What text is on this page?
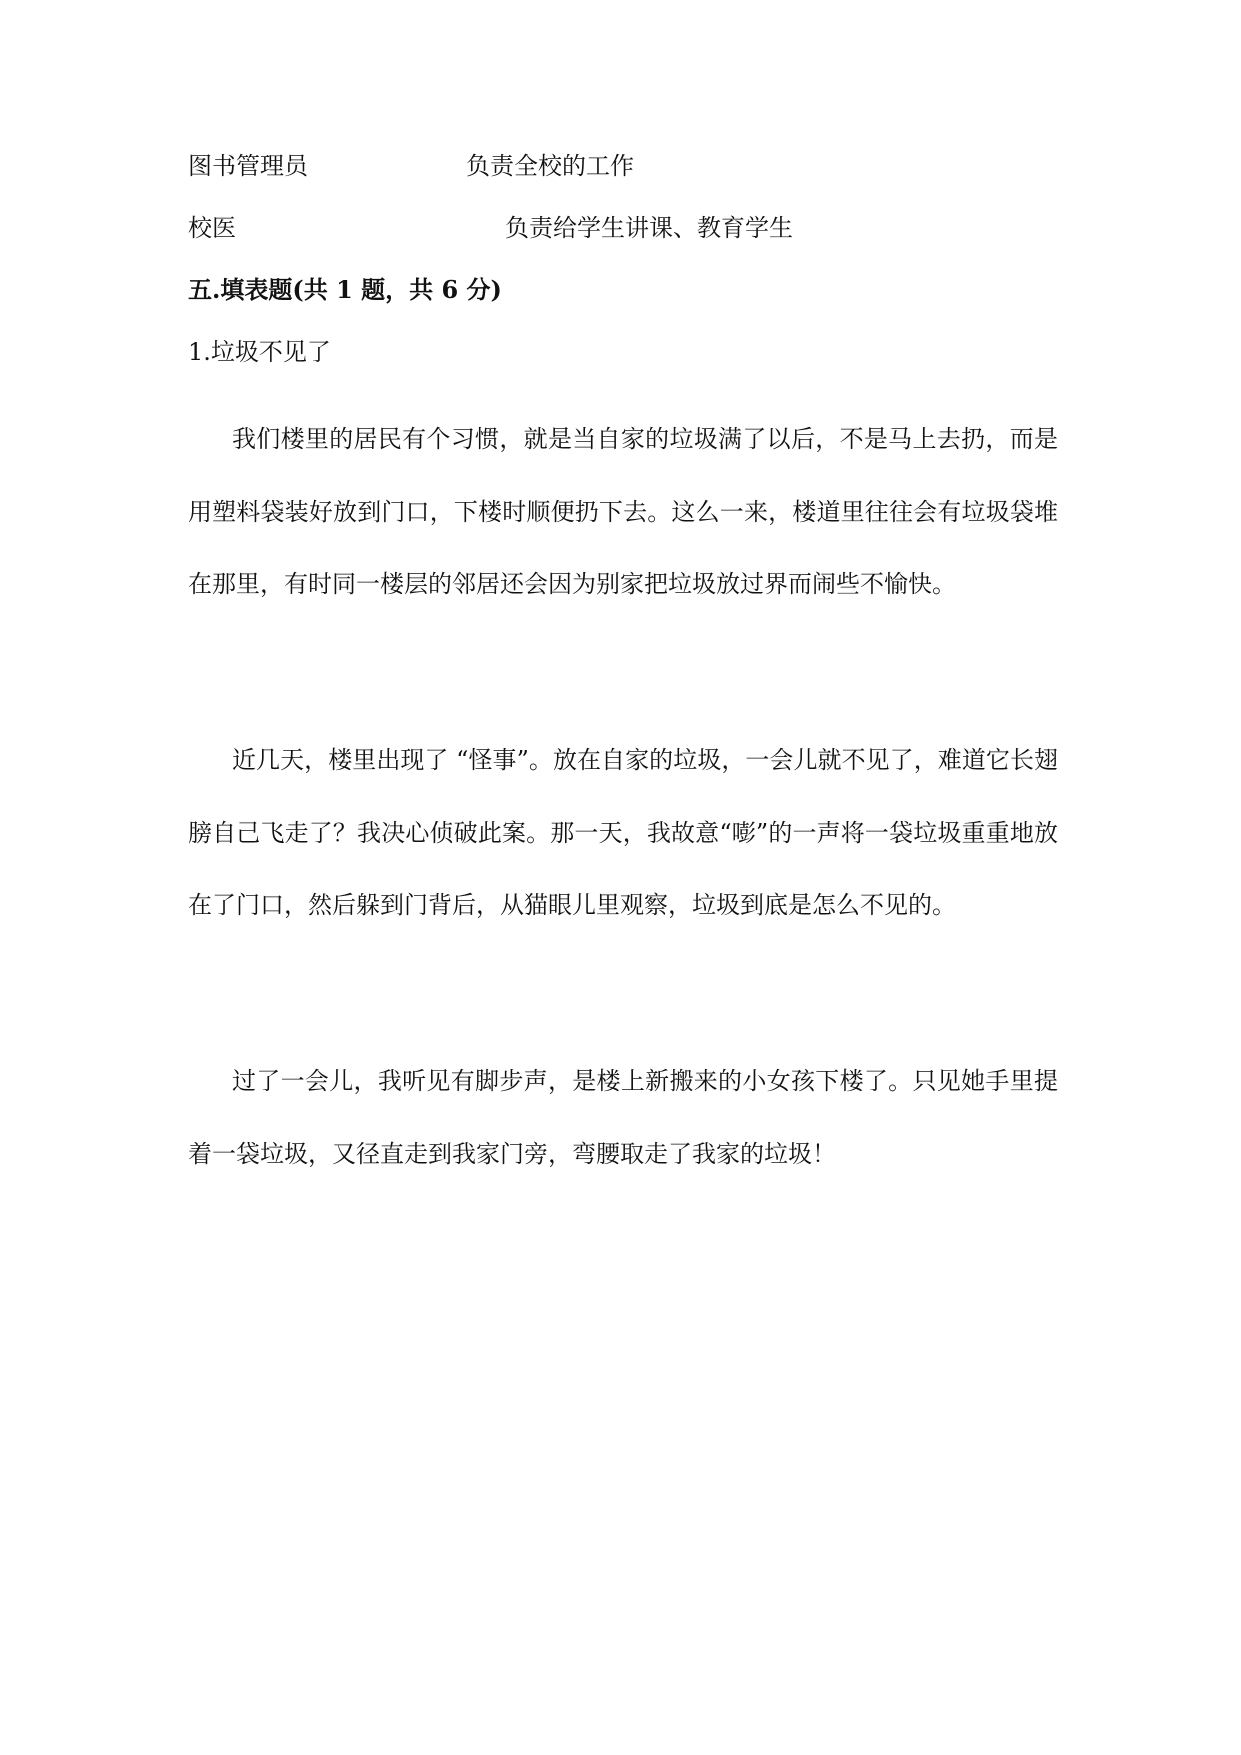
图书管理员	负责全校的工作
校医	负责给学生讲课、教育学生
五.填表题(共 1 题，共 6 分)
1.垃圾不见了

我们楼里的居民有个习惯，就是当自家的垃圾满了以后，不是马上去扔，而是用塑料袋装好放到门口，下楼时顺便扔下去。这么一来，楼道里往往会有垃圾袋堆在那里，有时同一楼层的邻居还会因为别家把垃圾放过界而闹些不愉快。

近几天，楼里出现了 “怪事”。放在自家的垃圾，一会儿就不见了，难道它长翅膀自己飞走了？我决心侦破此案。那一天，我故意“嘭”的一声将一袋垃圾重重地放在了门口，然后躲到门背后，从猫眼儿里观察，垃圾到底是怎么不见的。

过了一会儿，我听见有脚步声，是楼上新搬来的小女孩下楼了。只见她手里提着一袋垃圾，又径直走到我家门旁，弯腰取走了我家的垃圾！
